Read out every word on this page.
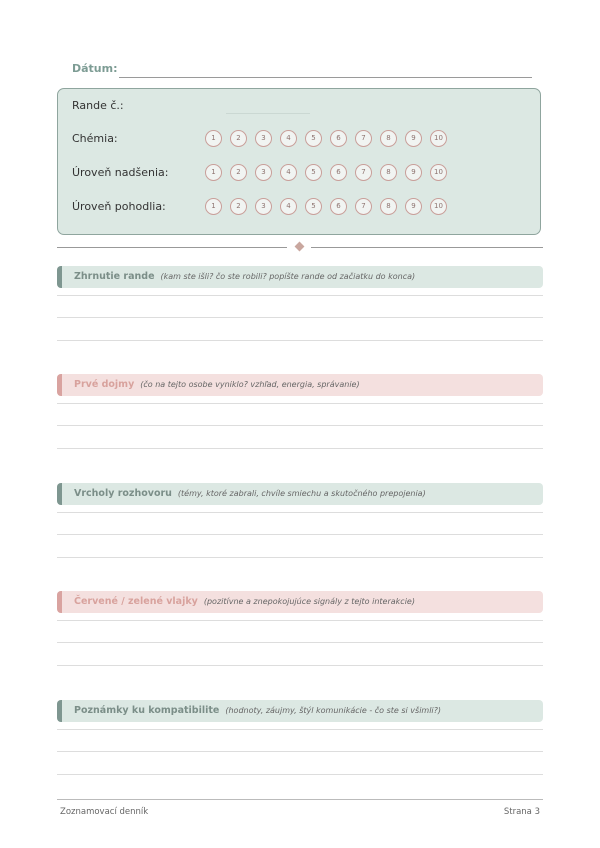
Dátum:
Rande č.:
Chémia:	1	2	3	4	5	6	7	8	9	10
Úroveň nadšenia:	1	2	3	4	5	6	7	8	9	10
Úroveň pohodlia:	1	2	3	4	5	6	7	8	9	10
Zhrnutie rande (kam ste išli? čo ste robili? popíšte rande od začiatku do konca)
Prvé dojmy (čo na tejto osobe vyniklo? vzhľad, energia, správanie)
Vrcholy rozhovoru (témy, ktoré zabrali, chvíle smiechu a skutočného prepojenia)
Červené / zelené vlajky (pozitívne a znepokojujúce signály z tejto interakcie)
Poznámky ku kompatibilite (hodnoty, záujmy, štýl komunikácie - čo ste si všimli?)
Zoznamovací denník	Strana 3
